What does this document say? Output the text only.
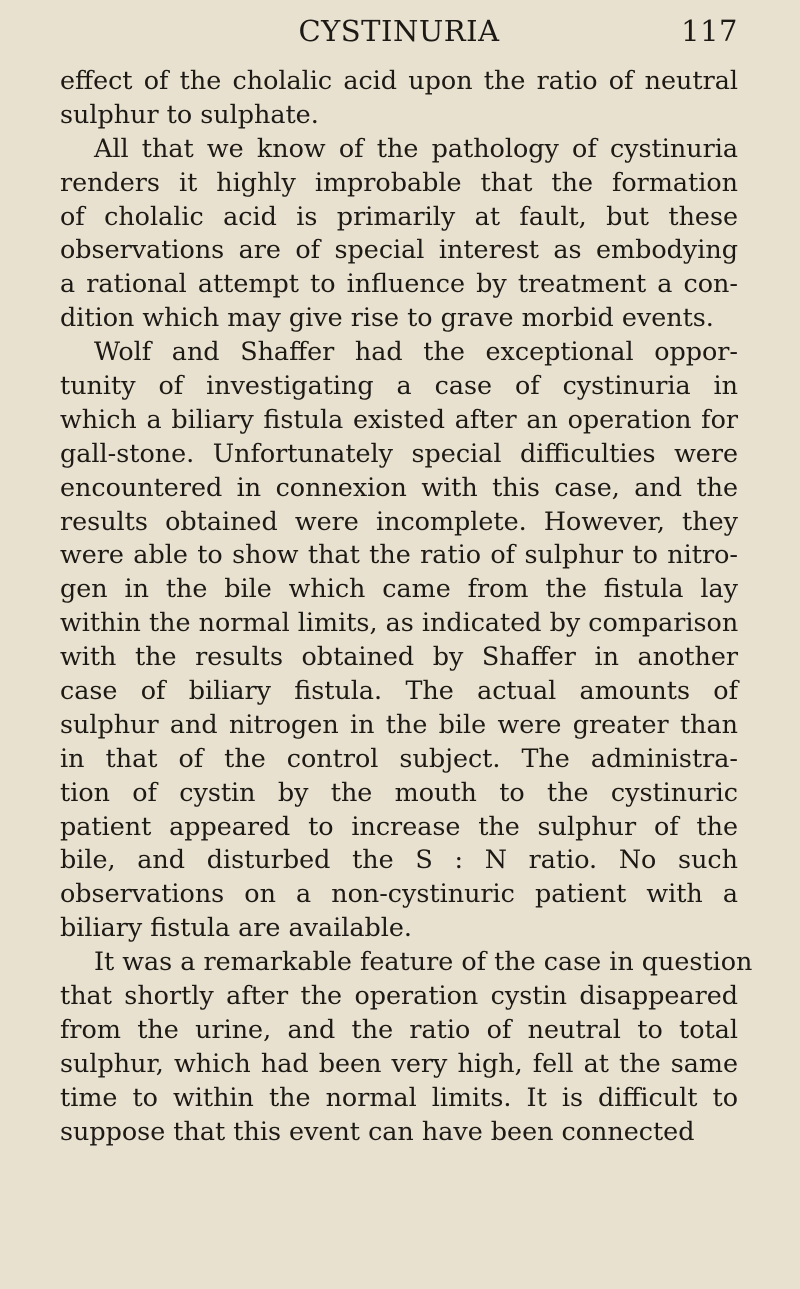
CYSTINURIA	117
effect of the cholalic acid upon the ratio of neutral
sulphur to sulphate.
All that we know of the pathology of cystinuria
renders it highly improbable that the formation
of cholalic acid is primarily at fault, but these
observations are of special interest as embodying
a rational attempt to influence by treatment a con-
dition which may give rise to grave morbid events.
Wolf and Shaffer had the exceptional oppor-
tunity of investigating a case of cystinuria in
which a biliary fistula existed after an operation for
gall-stone. Unfortunately special difficulties were
encountered in connexion with this case, and the
results obtained were incomplete. However, they
were able to show that the ratio of sulphur to nitro-
gen in the bile which came from the fistula lay
within the normal limits, as indicated by comparison
with the results obtained by Shaffer in another
case of biliary fistula. The actual amounts of
sulphur and nitrogen in the bile were greater than
in that of the control subject. The administra-
tion of cystin by the mouth to the cystinuric
patient appeared to increase the sulphur of the
bile, and disturbed the S : N ratio. No such
observations on a non-cystinuric patient with a
biliary fistula are available.
It was a remarkable feature of the case in question
that shortly after the operation cystin disappeared
from the urine, and the ratio of neutral to total
sulphur, which had been very high, fell at the same
time to within the normal limits. It is difficult to
suppose that this event can have been connected
